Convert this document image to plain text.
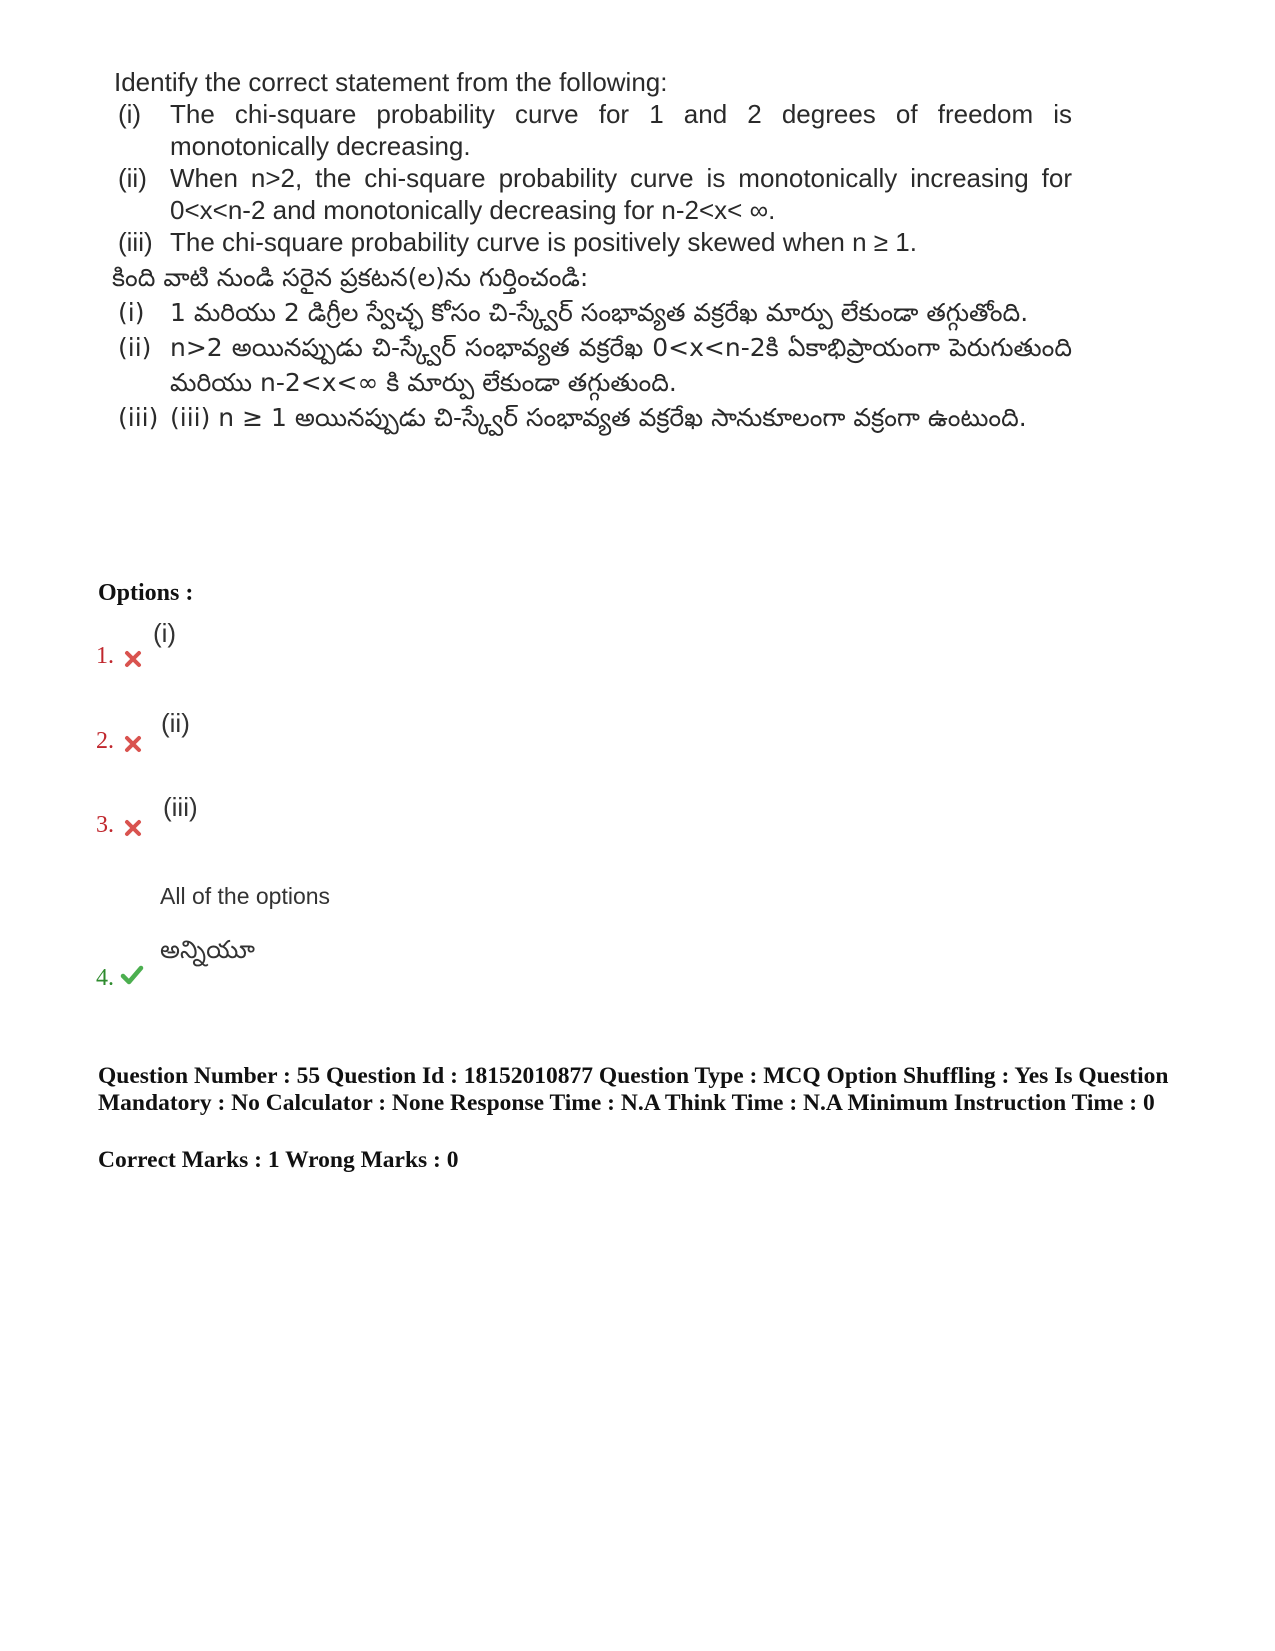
Identify the correct statement from the following:
(i)	The chi-square probability curve for 1 and 2 degrees of freedom is monotonically decreasing.
(ii) When n>2, the chi-square probability curve is monotonically increasing for 0<x<n-2 and monotonically decreasing for n-2<x< ∞.
(iii) The chi-square probability curve is positively skewed when n ≥ 1.
కింది వాటి నుండి సరైన ప్రకటన(ల)ను గుర్తించండి:
(i)	1 మరియు 2 డిగ్రీల స్వేచ్ఛ కోసం చి-స్క్వేర్ సంభావ్యత వక్రరేఖ మార్పు లేకుండా తగ్గుతోంది.
(ii) n>2 అయినప్పుడు చి-స్క్వేర్ సంభావ్యత వక్రరేఖ 0<x<n-2కి ఏకాభిప్రాయంగా పెరుగుతుంది మరియు n-2<x<∞ కి మార్పు లేకుండా తగ్గుతుంది.
(iii) (iii) n ≥ 1 అయినప్పుడు చి-స్క్వేర్ సంభావ్యత వక్రరేఖ సానుకూలంగా వక్రంగా ఉంటుంది.
Options :
1.
(i)
2.
(ii)
3.
(iii)
All of the options
అన్నియూ
4.
Question Number : 55 Question Id : 18152010877 Question Type : MCQ Option Shuffling : Yes Is Question Mandatory : No Calculator : None Response Time : N.A Think Time : N.A Minimum Instruction Time : 0
Correct Marks : 1 Wrong Marks : 0
